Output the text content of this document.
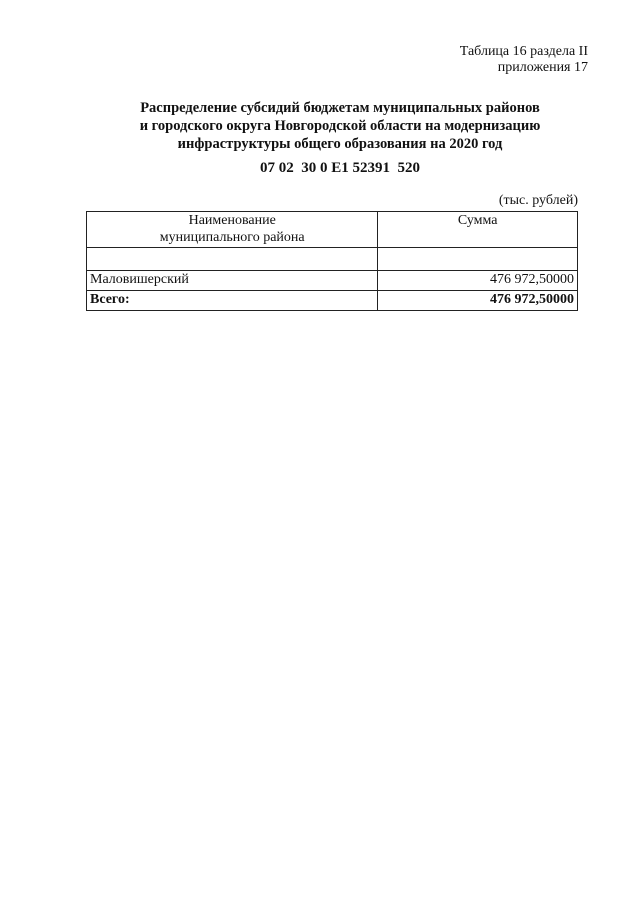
Таблица 16 раздела II
приложения 17
Распределение субсидий бюджетам муниципальных районов
и городского округа Новгородской области на модернизацию
инфраструктуры общего образования на 2020 год
07 02  30 0 E1 52391  520
(тыс. рублей)
Наименование
муниципального района	Сумма

Маловишерский	476 972,50000
Всего:	476 972,50000
